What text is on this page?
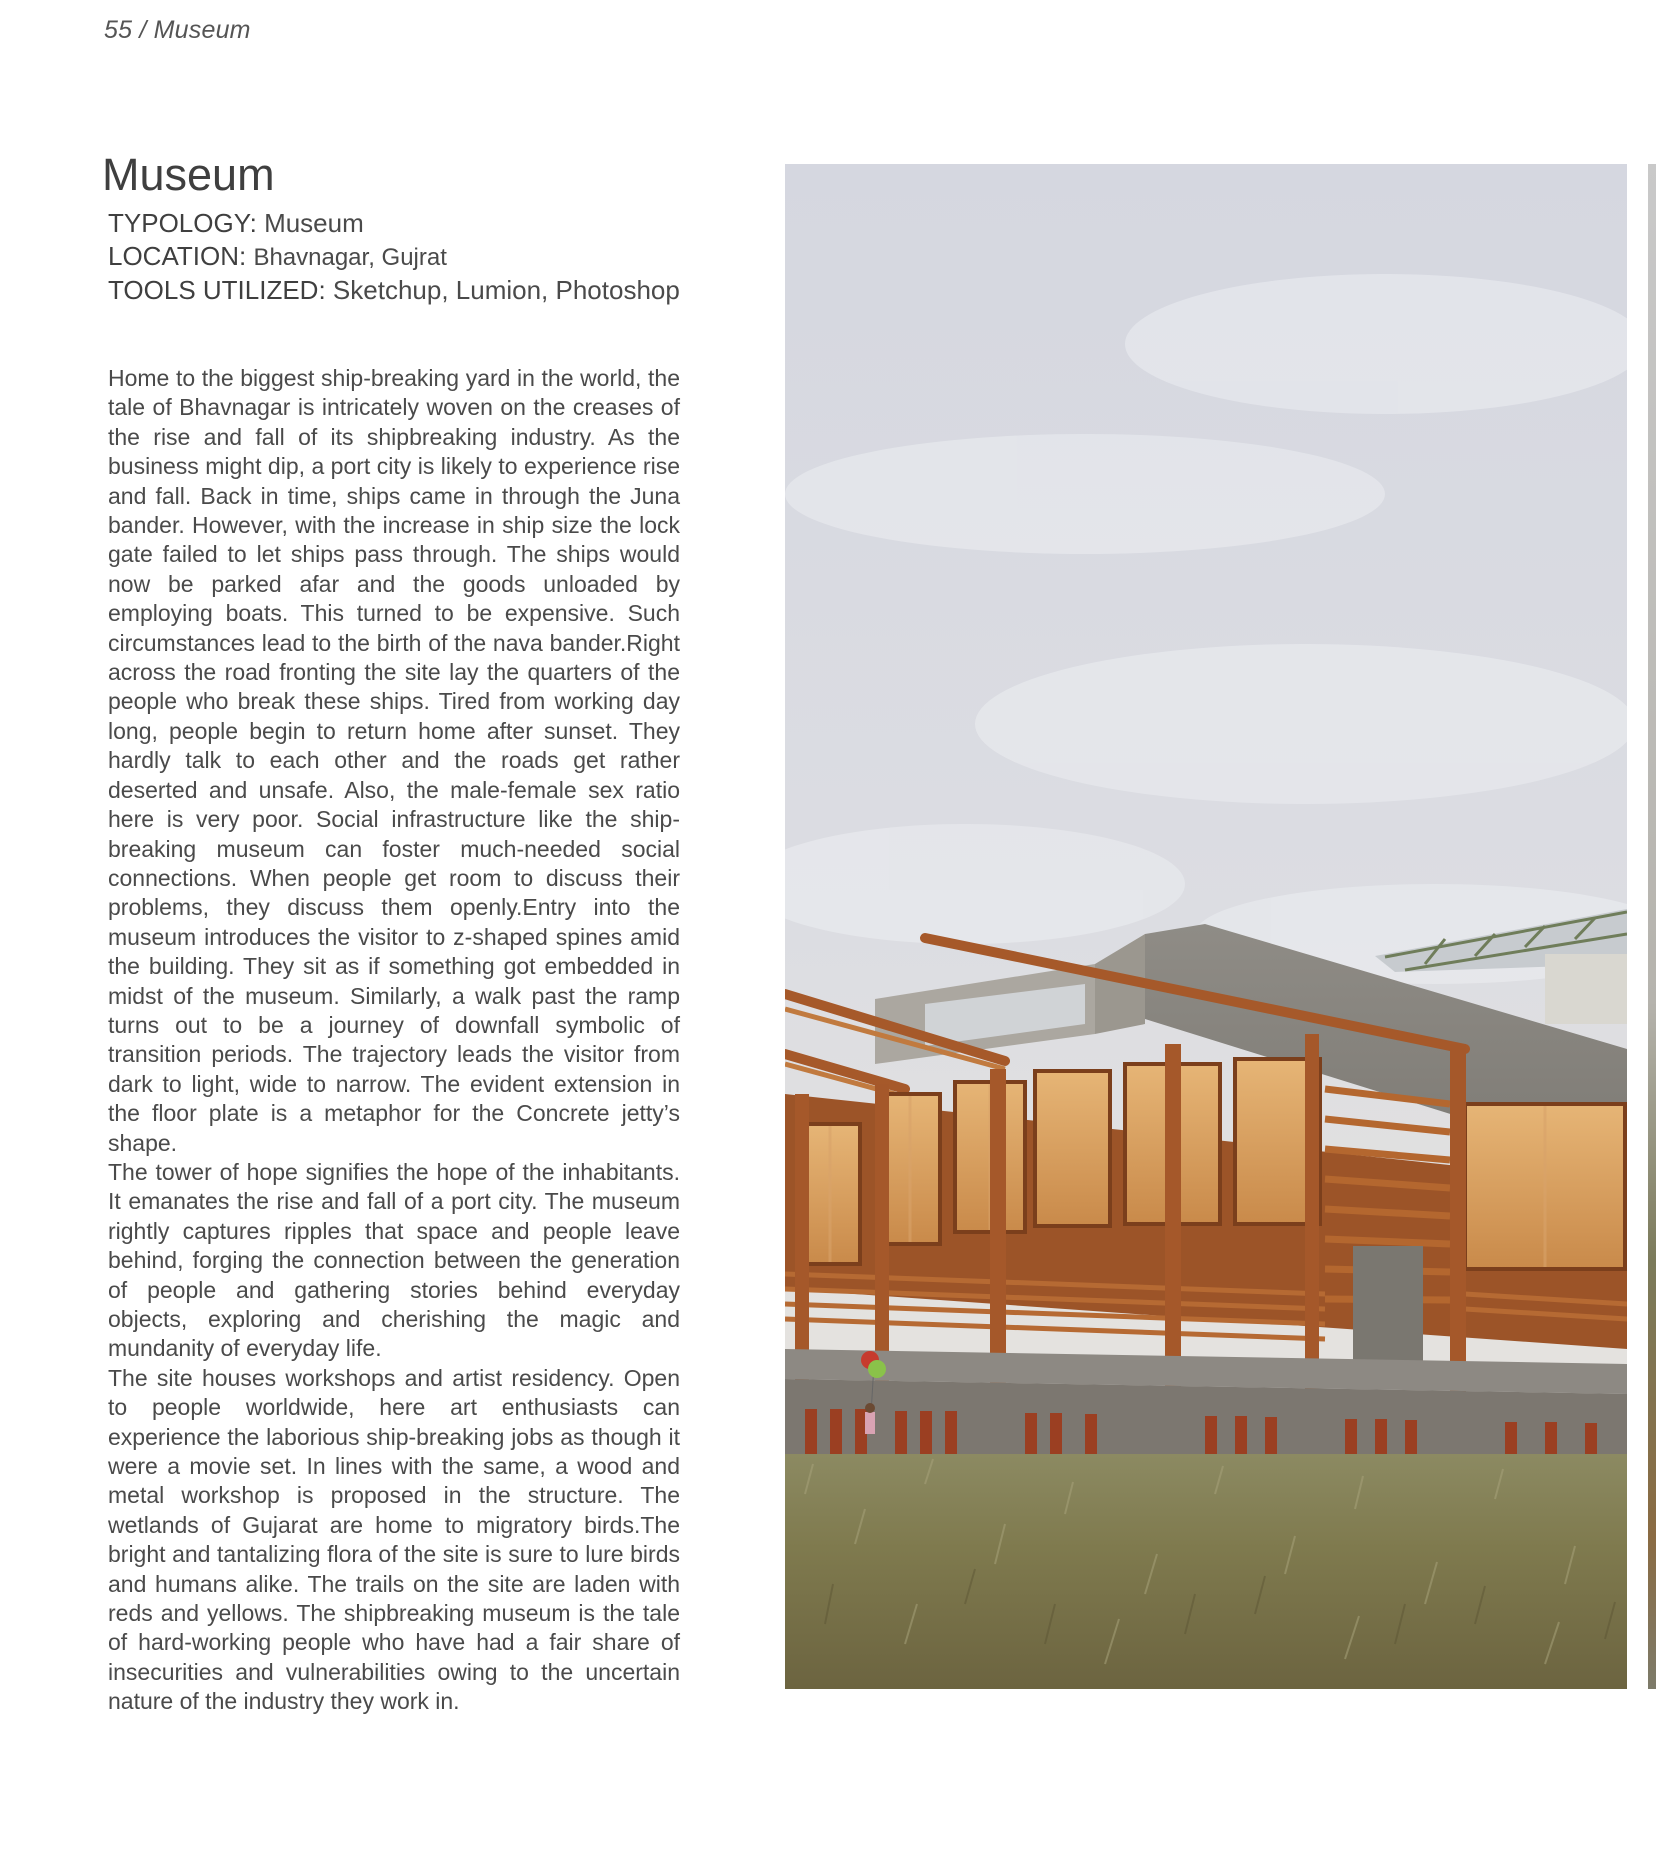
55 / Museum
Museum
TYPOLOGY: Museum
LOCATION: Bhavnagar, Gujrat
TOOLS UTILIZED: Sketchup, Lumion, Photoshop

Home to the biggest ship-breaking yard in the world, the tale of Bhavnagar is intricately woven on the creases of the rise and fall of its shipbreaking industry. As the business might dip, a port city is likely to experience rise and fall. Back in time, ships came in through the Juna bander. However, with the increase in ship size the lock gate failed to let ships pass through. The ships would now be parked afar and the goods unloaded by employing boats. This turned to be expensive. Such circumstances lead to the birth of the nava bander.Right across the road fronting the site lay the quarters of the people who break these ships. Tired from working day long, people begin to return home after sunset. They hardly talk to each other and the roads get rather deserted and unsafe. Also, the male-female sex ratio here is very poor. Social infrastructure like the ship-breaking museum can foster much-needed social connections. When people get room to discuss their problems, they discuss them openly.Entry into the museum introduces the visitor to z-shaped spines amid the building. They sit as if something got embedded in midst of the museum. Similarly, a walk past the ramp turns out to be a journey of downfall symbolic of transition periods. The trajectory leads the visitor from dark to light, wide to narrow. The evident extension in the floor plate is a metaphor for the Concrete jetty’s shape.

The tower of hope signifies the hope of the inhabitants. It emanates the rise and fall of a port city. The museum rightly captures ripples that space and people leave behind, forging the connection between the generation of people and gathering stories behind everyday objects, exploring and cherishing the magic and mundanity of everyday life.

The site houses workshops and artist residency. Open to people worldwide, here art enthusiasts can experience the laborious ship-breaking jobs as though it were a movie set. In lines with the same, a wood and metal workshop is proposed in the structure. The wetlands of Gujarat are home to migratory birds.The bright and tantalizing flora of the site is sure to lure birds and humans alike. The trails on the site are laden with reds and yellows. The shipbreaking museum is the tale of hard-working people who have had a fair share of insecurities and vulnerabilities owing to the uncertain nature of the industry they work in.
